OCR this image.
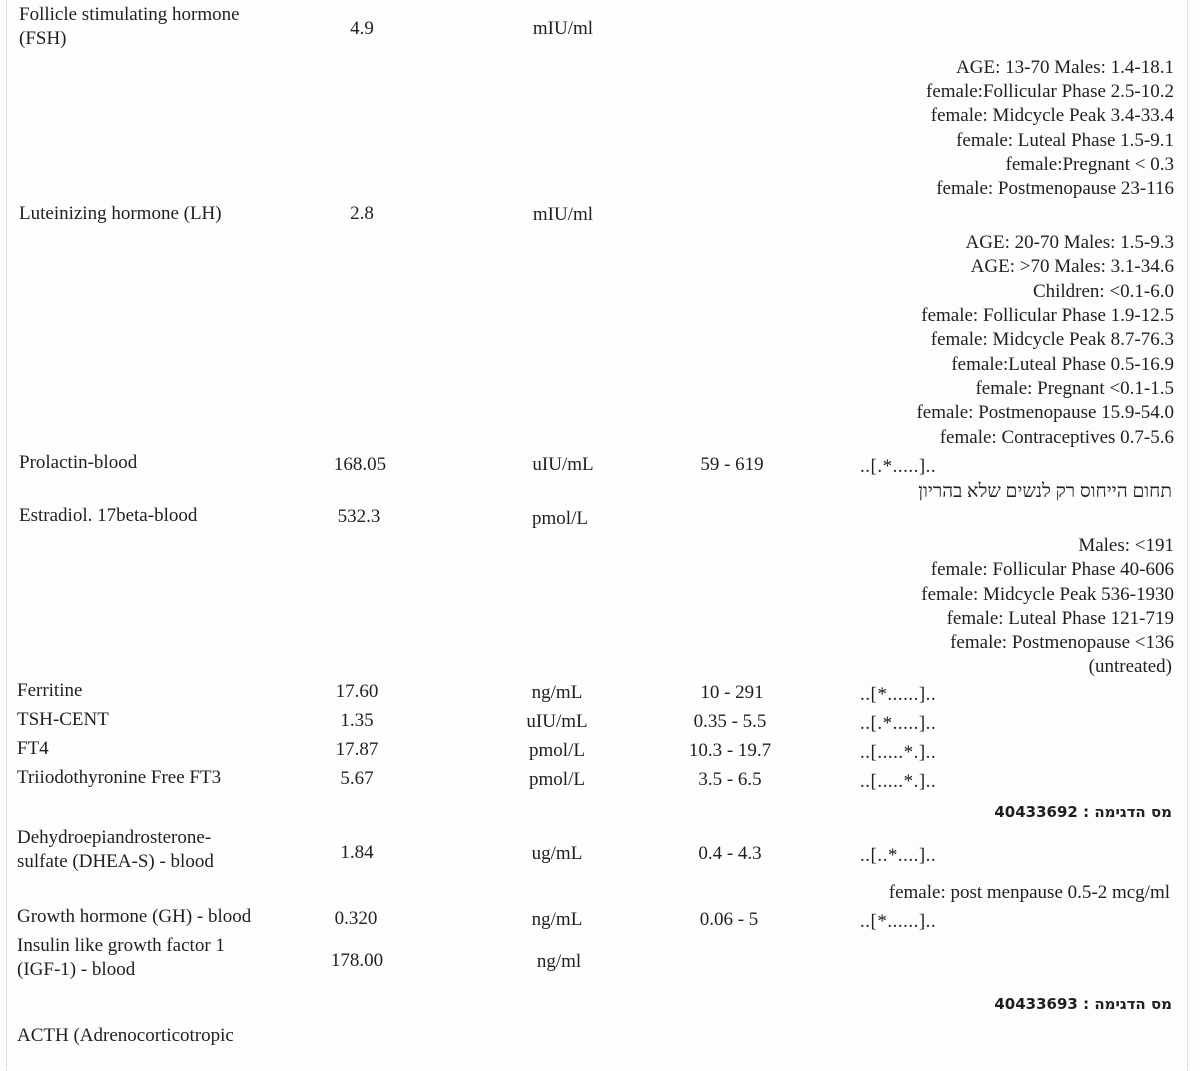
Follicle stimulating hormone
(FSH)	4.9	mIU/ml
AGE: 13-70 Males: 1.4-18.1
female:Follicular Phase 2.5-10.2
female: Midcycle Peak 3.4-33.4
female: Luteal Phase 1.5-9.1
female:Pregnant < 0.3
female: Postmenopause 23-116
Luteinizing hormone (LH)	2.8	mIU/ml
AGE: 20-70 Males: 1.5-9.3
AGE: >70 Males: 3.1-34.6
Children: <0.1-6.0
female: Follicular Phase 1.9-12.5
female: Midcycle Peak 8.7-76.3
female:Luteal Phase 0.5-16.9
female: Pregnant <0.1-1.5
female: Postmenopause 15.9-54.0
female: Contraceptives 0.7-5.6
Prolactin-blood	168.05	uIU/mL	59 - 619	..[.*.....]..
תחום הייחוס רק לנשים שלא בהריון
Estradiol. 17beta-blood	532.3	pmol/L
Males: <191
female: Follicular Phase 40-606
female: Midcycle Peak 536-1930
female: Luteal Phase 121-719
female: Postmenopause <136
(untreated)
Ferritine	17.60	ng/mL	10 - 291	..[*......]..
TSH-CENT	1.35	uIU/mL	0.35 - 5.5	..[.*.....]..
FT4	17.87	pmol/L	10.3 - 19.7	..[.....*.]..
Triiodothyronine Free FT3	5.67	pmol/L	3.5 - 6.5	..[.....*.]..
מס הדגימה : 40433692
Dehydroepiandrosterone-
sulfate (DHEA-S) - blood	1.84	ug/mL	0.4 - 4.3	..[..*....]..
female: post menpause 0.5-2 mcg/ml
Growth hormone (GH) - blood	0.320	ng/mL	0.06 - 5	..[*......]..
Insulin like growth factor 1
(IGF-1) - blood	178.00	ng/ml
מס הדגימה : 40433693
ACTH (Adrenocorticotropic
